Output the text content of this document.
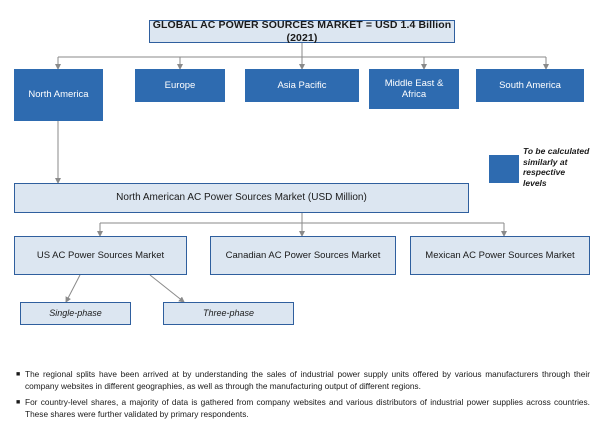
GLOBAL AC POWER SOURCES MARKET = USD 1.4 Billion (2021)
North America
Europe	Asia Pacific	Middle East & Africa
South America
To be calculated similarly at respective levels
North American AC Power Sources Market (USD Million)
US AC Power Sources Market	Canadian AC Power Sources Market	Mexican AC Power Sources Market
Single-phase	Three-phase
■ The regional splits have been arrived at by understanding the sales of industrial power supply units offered by various manufacturers through their company websites in different geographies, as well as through the manufacturing output of different regions.
■ For country-level shares, a majority of data is gathered from company websites and various distributors of industrial power supplies across countries. These shares were further validated by primary respondents.
